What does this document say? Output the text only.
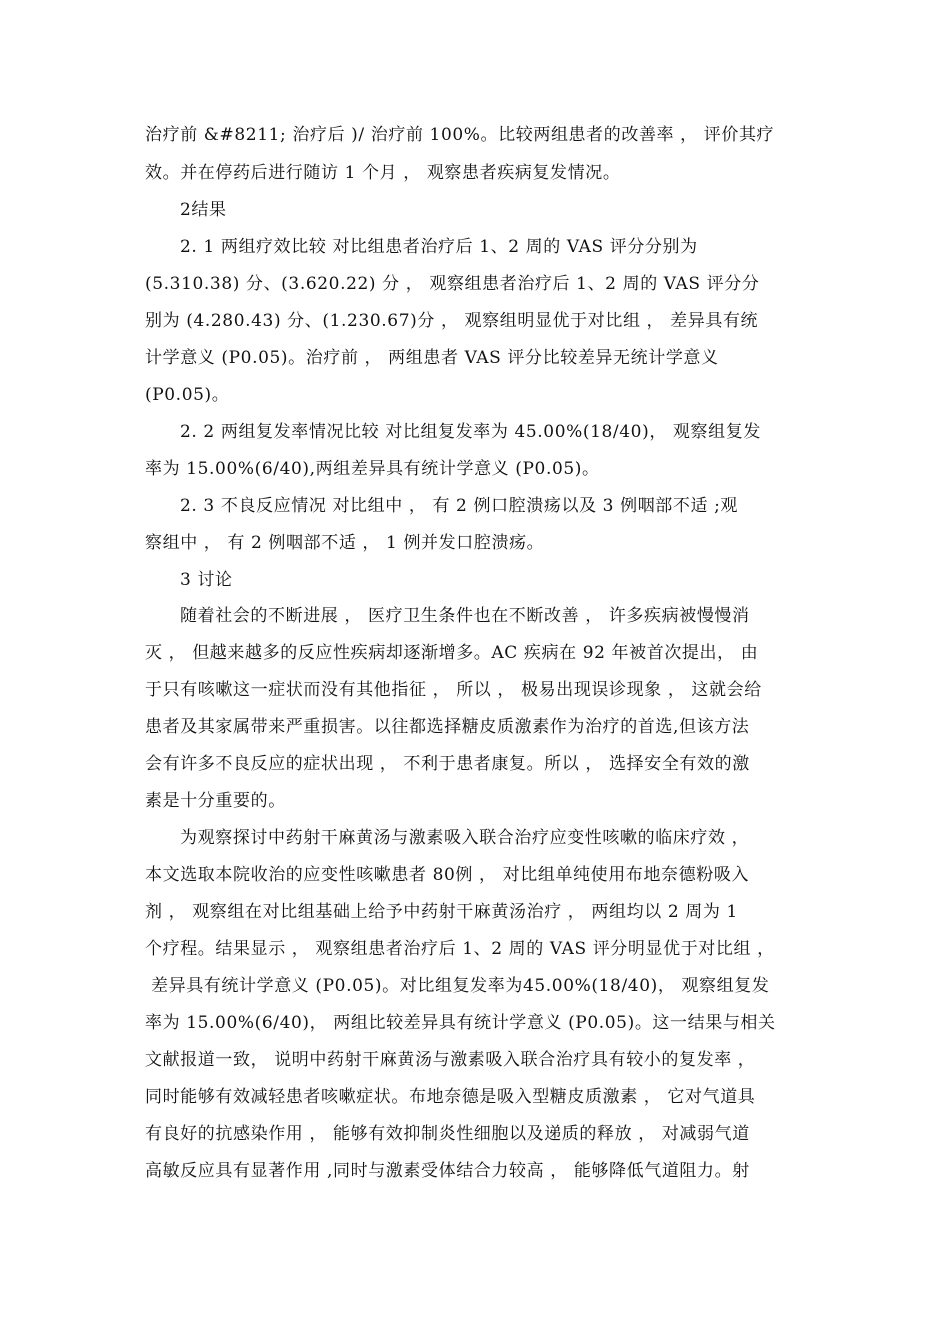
治疗前 &#8211; 治疗后 )/ 治疗前 100%。比较两组患者的改善率 ， 评价其疗
效。并在停药后进行随访 1 个月 ， 观察患者疾病复发情况。
2结果
2. 1 两组疗效比较 对比组患者治疗后 1、2 周的 VAS 评分分别为
(5.310.38) 分、(3.620.22) 分 ， 观察组患者治疗后 1、2 周的 VAS 评分分
别为 (4.280.43) 分、(1.230.67)分 ， 观察组明显优于对比组 ， 差异具有统
计学意义 (P0.05)。治疗前 ， 两组患者 VAS 评分比较差异无统计学意义
(P0.05)。
2. 2 两组复发率情况比较 对比组复发率为 45.00%(18/40)， 观察组复发
率为 15.00%(6/40),两组差异具有统计学意义 (P0.05)。
2. 3 不良反应情况 对比组中 ， 有 2 例口腔溃疡以及 3 例咽部不适 ;观
察组中 ， 有 2 例咽部不适 ， 1 例并发口腔溃疡。
3 讨论
随着社会的不断进展 ， 医疗卫生条件也在不断改善 ， 许多疾病被慢慢消
灭 ， 但越来越多的反应性疾病却逐渐增多。AC 疾病在 92 年被首次提出， 由
于只有咳嗽这一症状而没有其他指征 ， 所以 ， 极易出现误诊现象 ， 这就会给
患者及其家属带来严重损害。以往都选择糖皮质激素作为治疗的首选,但该方法
会有许多不良反应的症状出现 ， 不利于患者康复。所以 ， 选择安全有效的激
素是十分重要的。
为观察探讨中药射干麻黄汤与激素吸入联合治疗应变性咳嗽的临床疗效 ，
本文选取本院收治的应变性咳嗽患者 80例 ， 对比组单纯使用布地奈德粉吸入
剂 ， 观察组在对比组基础上给予中药射干麻黄汤治疗 ， 两组均以 2 周为 1
个疗程。结果显示 ， 观察组患者治疗后 1、2 周的 VAS 评分明显优于对比组 ，
差异具有统计学意义 (P0.05)。对比组复发率为45.00%(18/40)， 观察组复发
率为 15.00%(6/40)， 两组比较差异具有统计学意义 (P0.05)。这一结果与相关
文献报道一致， 说明中药射干麻黄汤与激素吸入联合治疗具有较小的复发率 ，
同时能够有效减轻患者咳嗽症状。布地奈德是吸入型糖皮质激素 ， 它对气道具
有良好的抗感染作用 ， 能够有效抑制炎性细胞以及递质的释放 ， 对减弱气道
高敏反应具有显著作用 ,同时与激素受体结合力较高 ， 能够降低气道阻力。射
